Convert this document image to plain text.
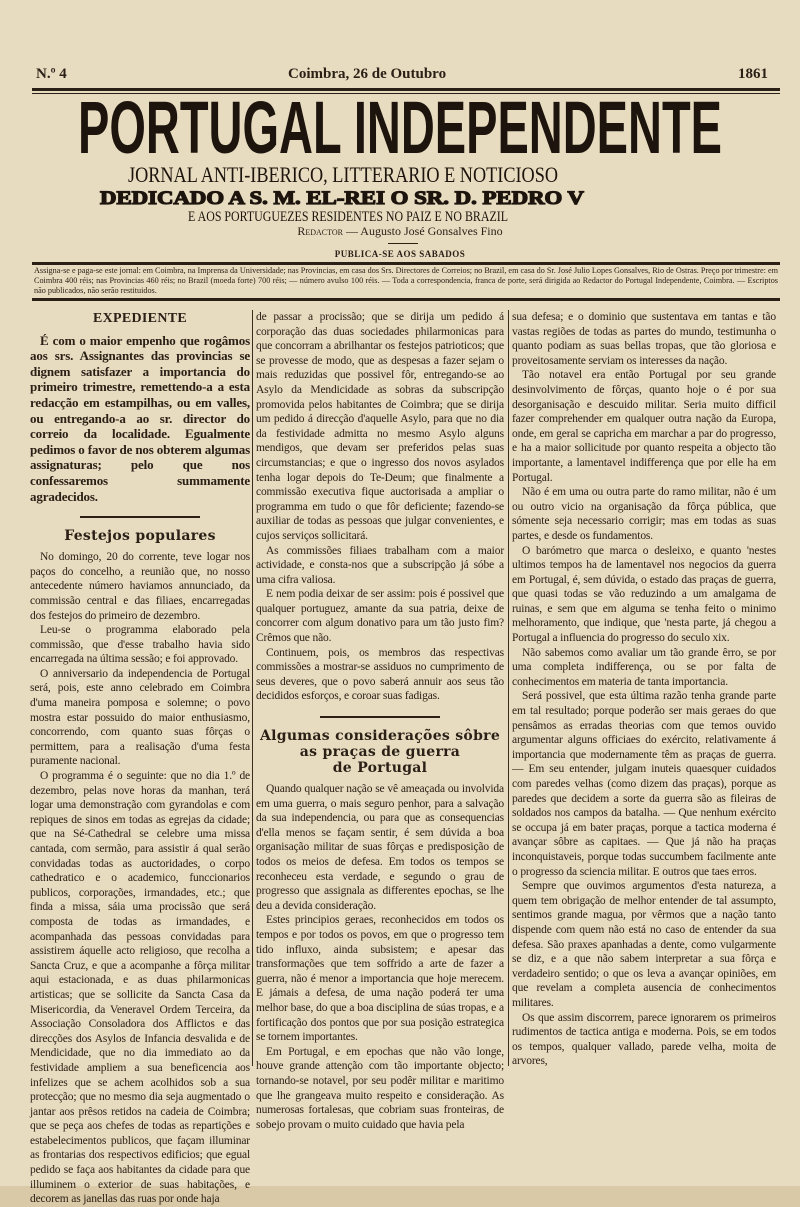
N.º 4	Coimbra, 26 de Outubro	1861
PORTUGAL INDEPENDENTE
JORNAL ANTI-IBERICO, LITTERARIO E NOTICIOSO
DEDICADO A S. M. EL-REI O SR. D. PEDRO V
E AOS PORTUGUEZES RESIDENTES NO PAIZ E NO BRAZIL
Redactor — Augusto José Gonsalves Fino
PUBLICA-SE AOS SABADOS
Assigna-se e paga-se este jornal: em Coimbra, na Imprensa da Universidade; nas Provincias, em casa dos Srs. Directores de Correios; no Brazil, em casa do Sr. José Julio Lopes Gonsalves, Rio de Ostras. Preço por trimestre: em Coimbra 400 réis; nas Provincias 460 réis; no Brazil (moeda forte) 700 réis; — número avulso 100 réis. — Toda a correspondencia, franca de porte, será dirigida ao Redactor do Portugal Independente, Coimbra. — Escriptos não publicados, não serão restituidos.
EXPEDIENTE

É com o maior empenho que rogâmos aos srs. Assignantes das provincias se dignem satisfazer a importancia do primeiro trimestre, remettendo-a a esta redacção em estampilhas, ou em valles, ou entregando-a ao sr. director do correio da localidade. Egualmente pedimos o favor de nos obterem algumas assignaturas; pelo que nos confessaremos summamente agradecidos.

Festejos populares

No domingo, 20 do corrente, teve logar nos paços do concelho, a reunião que, no nosso antecedente número haviamos annunciado, da commissão central e das filiaes, encarregadas dos festejos do primeiro de dezembro.

Leu-se o programma elaborado pela commissão, que d'esse trabalho havia sido encarregada na última sessão; e foi approvado.

O anniversario da independencia de Portugal será, pois, este anno celebrado em Coimbra d'uma maneira pomposa e solemne; o povo mostra estar possuido do maior enthusiasmo, concorrendo, com quanto suas fôrças o permittem, para a realisação d'uma festa puramente nacional.

O programma é o seguinte: que no dia 1.º de dezembro, pelas nove horas da manhan, terá logar uma demonstração com gyrandolas e com repiques de sinos em todas as egrejas da cidade; que na Sé-Cathedral se celebre uma missa cantada, com sermão, para assistir á qual serão convidadas todas as auctoridades, o corpo cathedratico e o academico, funccionarios publicos, corporações, irmandades, etc.; que finda a missa, sáia uma procissão que será composta de todas as irmandades, e acompanhada das pessoas convidadas para assistirem áquelle acto religioso, que recolha a Sancta Cruz, e que a acompanhe a fôrça militar aqui estacionada, e as duas philarmonicas artisticas; que se sollicite da Sancta Casa da Misericordia, da Veneravel Ordem Terceira, da Associação Consoladora dos Afflictos e das direcções dos Asylos de Infancia desvalida e de Mendicidade, que no dia immediato ao da festividade ampliem a sua beneficencia aos infelizes que se achem acolhidos sob a sua protecção; que no mesmo dia seja augmentado o jantar aos prêsos retidos na cadeia de Coimbra; que se peça aos chefes de todas as repartições e estabelecimentos publicos, que façam illuminar as frontarias dos respectivos edificios; que egual pedido se faça aos habitantes da cidade para que illuminem o exterior de suas habitações, e decorem as janellas das ruas por onde haja

de passar a procissão; que se dirija um pedido á corporação das duas sociedades philarmonicas para que concorram a abrilhantar os festejos patrioticos; que se provesse de modo, que as despesas a fazer sejam o mais reduzidas que possivel fôr, entregando-se ao Asylo da Mendicidade as sobras da subscripção promovida pelos habitantes de Coimbra; que se dirija um pedido á direcção d'aquelle Asylo, para que no dia da festividade admitta no mesmo Asylo alguns mendigos, que devam ser preferidos pelas suas circumstancias; e que o ingresso dos novos asylados tenha logar depois do Te-Deum; que finalmente a commissão executiva fique auctorisada a ampliar o programma em tudo o que fôr deficiente; fazendo-se auxiliar de todas as pessoas que julgar convenientes, e cujos serviços sollicitará.

As commissões filiaes trabalham com a maior actividade, e consta-nos que a subscripção já sóbe a uma cifra valiosa.

E nem podia deixar de ser assim: pois é possivel que qualquer portuguez, amante da sua patria, deixe de concorrer com algum donativo para um tão justo fim? Crêmos que não.

Continuem, pois, os membros das respectivas commissões a mostrar-se assiduos no cumprimento de seus deveres, que o povo saberá annuir aos seus tão decididos esforços, e coroar suas fadigas.

Algumas considerações sôbre
as praças de guerra
de Portugal

Quando qualquer nação se vê ameaçada ou involvida em uma guerra, o mais seguro penhor, para a salvação da sua independencia, ou para que as consequencias d'ella menos se façam sentir, é sem dúvida a boa organisação militar de suas fôrças e predisposição de todos os meios de defesa. Em todos os tempos se reconheceu esta verdade, e segundo o grau de progresso que assignala as differentes epochas, se lhe deu a devida consideração.

Estes principios geraes, reconhecidos em todos os tempos e por todos os povos, em que o progresso tem tido influxo, ainda subsistem; e apesar das transformações que tem soffrido a arte de fazer a guerra, não é menor a importancia que hoje merecem. E jámais a defesa, de uma nação poderá ter uma melhor base, do que a boa disciplina de súas tropas, e a fortificação dos pontos que por sua posição estrategica se tornem importantes.

Em Portugal, e em epochas que não vão longe, houve grande attenção com tão importante objecto; tornando-se notavel, por seu podêr militar e maritimo que lhe grangeava muito respeito e consideração. As numerosas fortalesas, que cobriam suas fronteiras, de sobejo provam o muito cuidado que havia pela

sua defesa; e o dominio que sustentava em tantas e tão vastas regiões de todas as partes do mundo, testimunha o quanto podiam as suas bellas tropas, que tão gloriosa e proveitosamente serviam os interesses da nação.

Tão notavel era então Portugal por seu grande desinvolvimento de fôrças, quanto hoje o é por sua desorganisação e descuido militar. Seria muito difficil fazer comprehender em qualquer outra nação da Europa, onde, em geral se capricha em marchar a par do progresso, e ha a maior sollicitude por quanto respeita a objecto tão importante, a lamentavel indifferença que por elle ha em Portugal.

Não é em uma ou outra parte do ramo militar, não é um ou outro vicio na organisação da fôrça pública, que sómente seja necessario corrigir; mas em todas as suas partes, e desde os fundamentos.

O barómetro que marca o desleixo, e quanto 'nestes ultimos tempos ha de lamentavel nos negocios da guerra em Portugal, é, sem dúvida, o estado das praças de guerra, que quasi todas se vão reduzindo a um amalgama de ruinas, e sem que em alguma se tenha feito o minimo melhoramento, que indique, que 'nesta parte, já chegou a Portugal a influencia do progresso do seculo xix.

Não sabemos como avaliar um tão grande êrro, se por uma completa indifferença, ou se por falta de conhecimentos em materia de tanta importancia.

Será possivel, que esta última razão tenha grande parte em tal resultado; porque poderão ser mais geraes do que pensâmos as erradas theorias com que temos ouvido argumentar alguns officiaes do exército, relativamente á importancia que modernamente têm as praças de guerra. — Em seu entender, julgam inuteis quaesquer cuidados com paredes velhas (como dizem das praças), porque as paredes que decidem a sorte da guerra são as fileiras de soldados nos campos da batalha. — Que nenhum exército se occupa já em bater praças, porque a tactica moderna é avançar sôbre as capitaes. — Que já não ha praças inconquistaveis, porque todas succumbem facilmente ante o progresso da sciencia militar. E outros que taes erros.

Sempre que ouvimos argumentos d'esta natureza, a quem tem obrigação de melhor entender de tal assumpto, sentimos grande magua, por vêrmos que a nação tanto dispende com quem não está no caso de entender da sua defesa. São praxes apanhadas a dente, como vulgarmente se diz, e a que não sabem interpretar a sua fôrça e verdadeiro sentido; o que os leva a avançar opiniões, em que revelam a completa ausencia de conhecimentos militares.

Os que assim discorrem, parece ignorarem os primeiros rudimentos de tactica antiga e moderna. Pois, se em todos os tempos, qualquer vallado, parede velha, moita de arvores,
